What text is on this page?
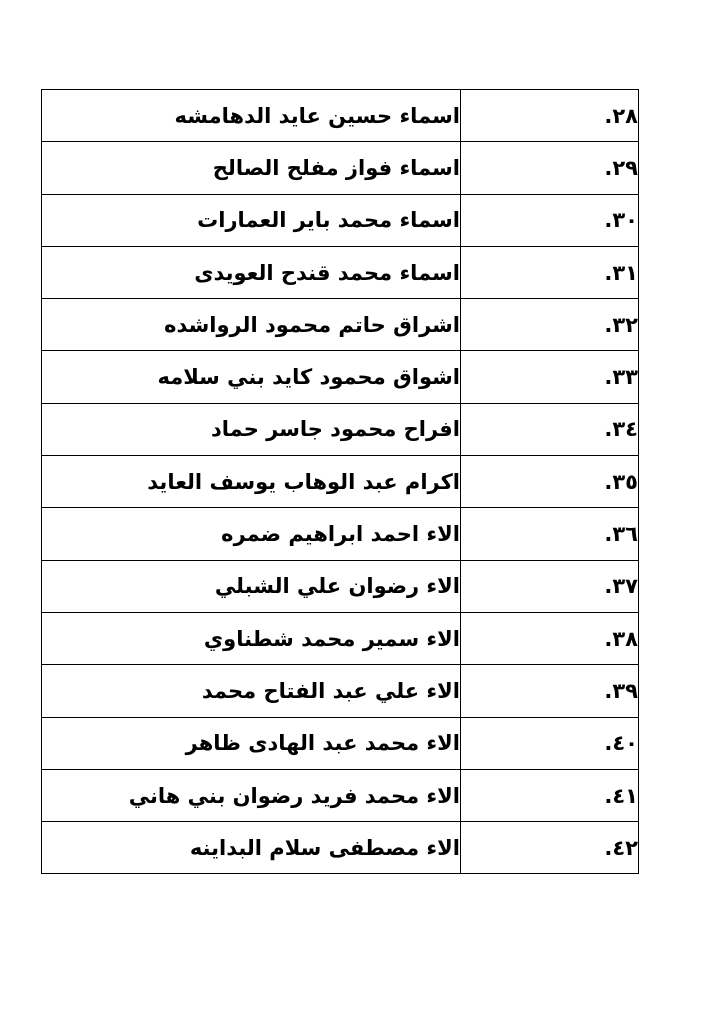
اسماء حسين عايد الدهامشه	٢٨.
اسماء فواز مفلح الصالح	٢٩.
اسماء محمد باير العمارات	٣٠.
اسماء محمد قندح العويدى	٣١.
اشراق حاتم محمود الرواشده	٣٢.
اشواق محمود كايد بني سلامه	٣٣.
افراح محمود جاسر حماد	٣٤.
اكرام عبد الوهاب يوسف العايد	٣٥.
الاء احمد ابراهيم ضمره	٣٦.
الاء رضوان علي الشبلي	٣٧.
الاء سمير محمد شطناوي	٣٨.
الاء علي عبد الفتاح محمد	٣٩.
الاء محمد عبد الهادى ظاهر	٤٠.
الاء محمد فريد رضوان بني هاني	٤١.
الاء مصطفى سلام البداينه	٤٢.
